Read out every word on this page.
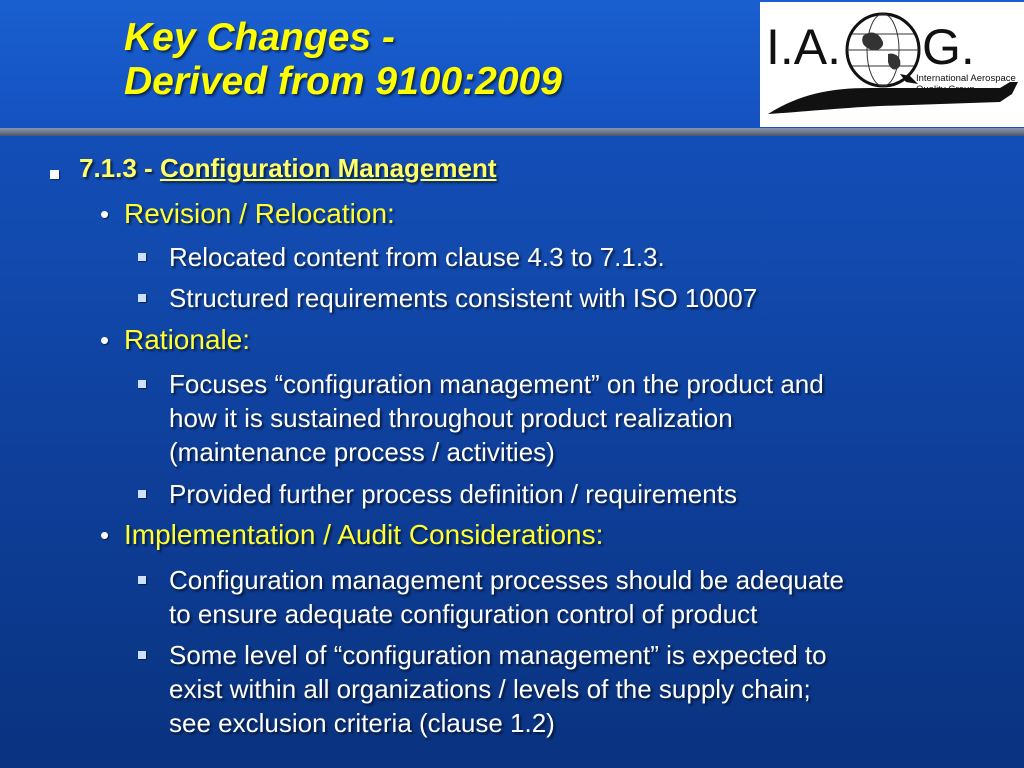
Key Changes -
Derived from 9100:2009
I.A. G.
International Aerospace
Quality Group
7.1.3 - Configuration Management
• Revision / Relocation:
Relocated content from clause 4.3 to 7.1.3.
Structured requirements consistent with ISO 10007
• Rationale:
Focuses “configuration management” on the product and
how it is sustained throughout product realization
(maintenance process / activities)
Provided further process definition / requirements
• Implementation / Audit Considerations:
Configuration management processes should be adequate
to ensure adequate configuration control of product
Some level of “configuration management” is expected to
exist within all organizations / levels of the supply chain;
see exclusion criteria (clause 1.2)
